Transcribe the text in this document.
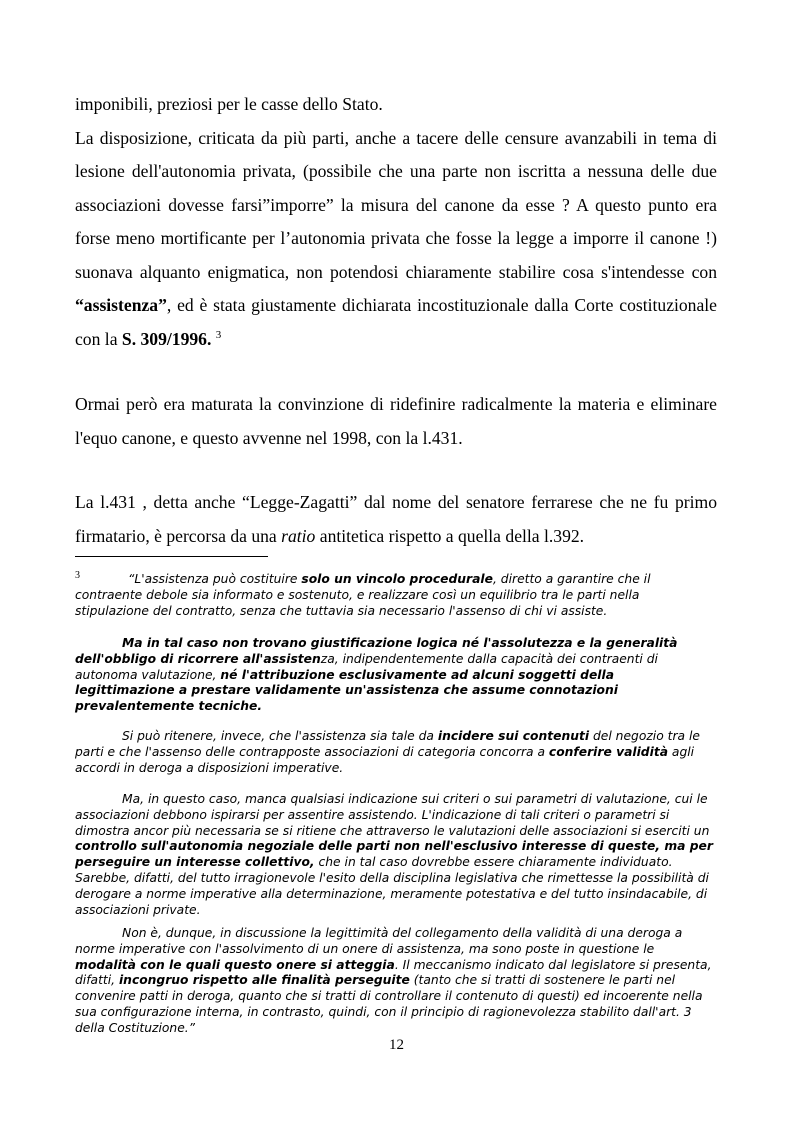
imponibili, preziosi per le casse dello Stato.

La disposizione, criticata da più parti, anche a tacere delle censure avanzabili in tema di lesione dell'autonomia privata, (possibile che una parte non iscritta a nessuna delle due associazioni dovesse farsi”imporre” la misura del canone da esse ? A questo punto era forse meno mortificante per l’autonomia privata che fosse la legge a imporre il canone !) suonava alquanto enigmatica, non potendosi chiaramente stabilire cosa s'intendesse con “assistenza”, ed è stata giustamente dichiarata incostituzionale dalla Corte costituzionale con la S. 309/1996. $^3$

Ormai però era maturata la convinzione di ridefinire radicalmente la materia e eliminare l'equo canone, e questo avvenne nel 1998, con la l.431.

La l.431 , detta anche “Legge-Zagatti” dal nome del senatore ferrarese che ne fu primo firmatario, è percorsa da una ratio antitetica rispetto a quella della l.392.

$^3$	“L'assistenza può costituire solo un vincolo procedurale, diretto a garantire che il contraente debole sia informato e sostenuto, e realizzare così un equilibrio tra le parti nella stipulazione del contratto, senza che tuttavia sia necessario l'assenso di chi vi assiste.

Ma in tal caso non trovano giustificazione logica né l'assolutezza e la generalità dell'obbligo di ricorrere all'assistenza, indipendentemente dalla capacità dei contraenti di autonoma valutazione, né l'attribuzione esclusivamente ad alcuni soggetti della legittimazione a prestare validamente un'assistenza che assume connotazioni prevalentemente tecniche.

Si può ritenere, invece, che l'assistenza sia tale da incidere sui contenuti del negozio tra le parti e che l'assenso delle contrapposte associazioni di categoria concorra a conferire validità agli accordi in deroga a disposizioni imperative.

Ma, in questo caso, manca qualsiasi indicazione sui criteri o sui parametri di valutazione, cui le associazioni debbono ispirarsi per assentire assistendo. L'indicazione di tali criteri o parametri si dimostra ancor più necessaria se si ritiene che attraverso le valutazioni delle associazioni si eserciti un controllo sull'autonomia negoziale delle parti non nell'esclusivo interesse di queste, ma per perseguire un interesse collettivo, che in tal caso dovrebbe essere chiaramente individuato. Sarebbe, difatti, del tutto irragionevole l'esito della disciplina legislativa che rimettesse la possibilità di derogare a norme imperative alla determinazione, meramente potestativa e del tutto insindacabile, di associazioni private.

Non è, dunque, in discussione la legittimità del collegamento della validità di una deroga a norme imperative con l'assolvimento di un onere di assistenza, ma sono poste in questione le modalità con le quali questo onere si atteggia. Il meccanismo indicato dal legislatore si presenta, difatti, incongruo rispetto alle finalità perseguite (tanto che si tratti di sostenere le parti nel convenire patti in deroga, quanto che si tratti di controllare il contenuto di questi) ed incoerente nella sua configurazione interna, in contrasto, quindi, con il principio di ragionevolezza stabilito dall'art. 3 della Costituzione.”

12
